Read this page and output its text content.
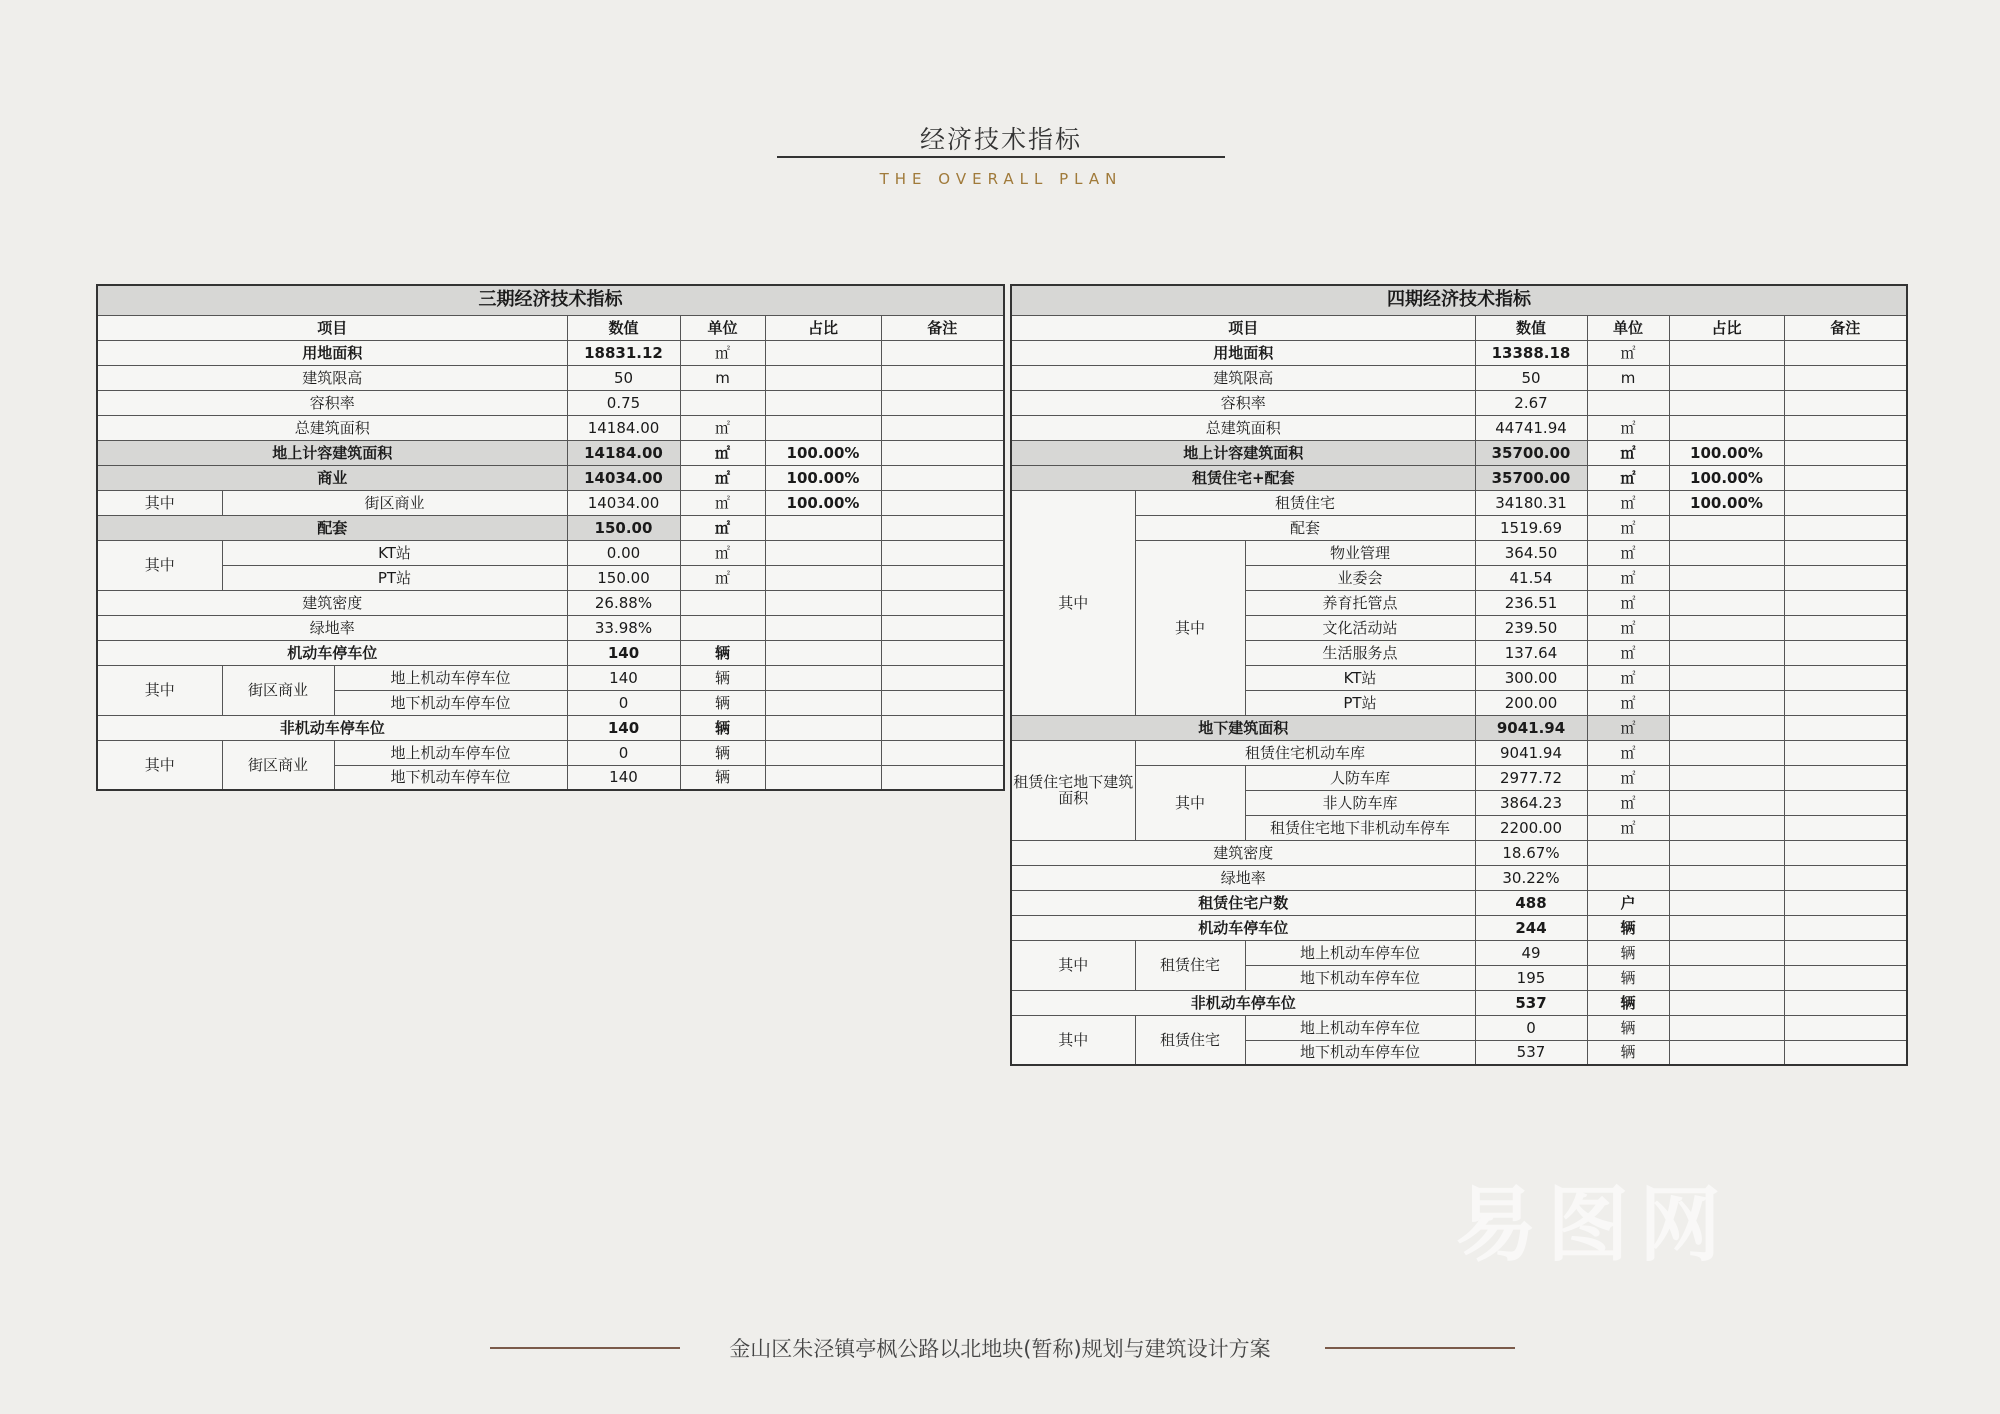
经济技术指标
THE OVERALL PLAN
三期经济技术指标						
项目			数值	单位	占比	备注
用地面积			18831.12	㎡		
建筑限高			50	m		
容积率			0.75			
总建筑面积			14184.00	㎡		
地上计容建筑面积			14184.00	㎡	100.00%	
商业			14034.00	㎡	100.00%	
其中	街区商业		14034.00	㎡	100.00%	
配套			150.00	㎡		
其中	KT站		0.00	㎡		
	PT站		150.00	㎡		
建筑密度			26.88%			
绿地率			33.98%			
机动车停车位			140	辆		
其中	街区商业	地上机动车停车位	140	辆		
		地下机动车停车位	0	辆		
非机动车停车位			140	辆		
其中	街区商业	地上机动车停车位	0	辆		
		地下机动车停车位	140	辆		
四期经济技术指标						
项目			数值	单位	占比	备注
用地面积			13388.18	㎡		
建筑限高			50	m		
容积率			2.67			
总建筑面积			44741.94	㎡		
地上计容建筑面积			35700.00	㎡	100.00%	
租赁住宅+配套			35700.00	㎡	100.00%	
其中	租赁住宅		34180.31	㎡	100.00%	
	配套		1519.69	㎡		
	其中	物业管理	364.50	㎡		
		业委会	41.54	㎡		
		养育托管点	236.51	㎡		
		文化活动站	239.50	㎡		
		生活服务点	137.64	㎡		
		KT站	300.00	㎡		
		PT站	200.00	㎡		
地下建筑面积			9041.94	㎡		
租赁住宅地下建筑面积	租赁住宅机动车库		9041.94	㎡		
	其中	人防车库	2977.72	㎡		
		非人防车库	3864.23	㎡		
		租赁住宅地下非机动车停车	2200.00	㎡		
建筑密度			18.67%			
绿地率			30.22%			
租赁住宅户数			488	户		
机动车停车位			244	辆		
其中	租赁住宅	地上机动车停车位	49	辆		
		地下机动车停车位	195	辆		
非机动车停车位			537	辆		
其中	租赁住宅	地上机动车停车位	0	辆		
		地下机动车停车位	537	辆		
易图网
金山区朱泾镇亭枫公路以北地块(暂称)规划与建筑设计方案
